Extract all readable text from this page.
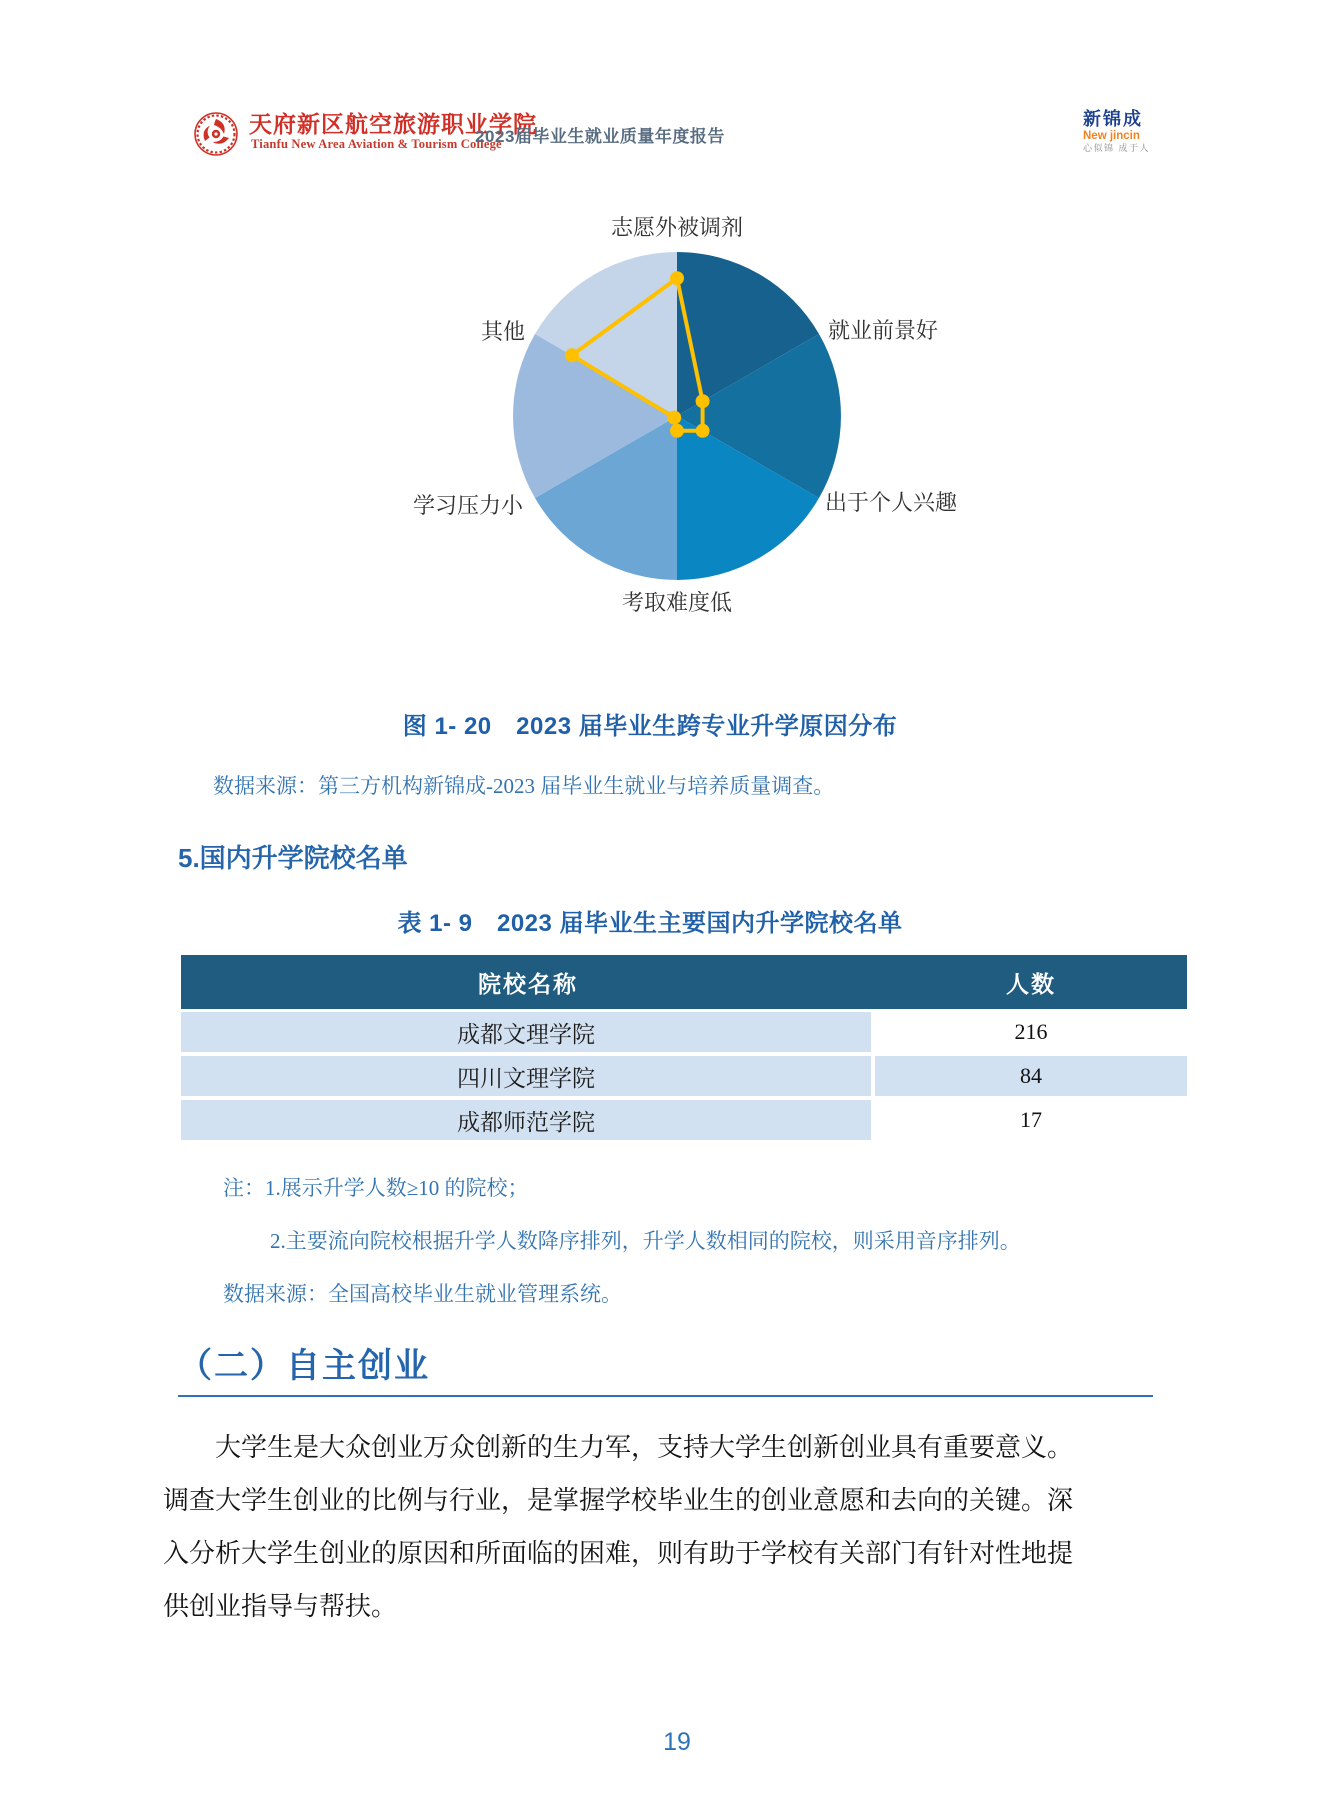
天府新区航空旅游职业学院
Tianfu New Area Aviation & Tourism College
2023届毕业生就业质量年度报告
新锦成
New jincin
心似锦 成于人
志愿外被调剂
就业前景好
出于个人兴趣
考取难度低
学习压力小
其他
图 1- 20　2023 届毕业生跨专业升学原因分布
数据来源：第三方机构新锦成-2023 届毕业生就业与培养质量调查。
5.国内升学院校名单
表 1- 9　2023 届毕业生主要国内升学院校名单
院校名称	人数
成都文理学院	216
四川文理学院	84
成都师范学院	17
注：1.展示升学人数≥10 的院校；
2.主要流向院校根据升学人数降序排列，升学人数相同的院校，则采用音序排列。
数据来源：全国高校毕业生就业管理系统。
（二）自主创业
大学生是大众创业万众创新的生力军，支持大学生创新创业具有重要意义。
调查大学生创业的比例与行业，是掌握学校毕业生的创业意愿和去向的关键。深
入分析大学生创业的原因和所面临的困难，则有助于学校有关部门有针对性地提
供创业指导与帮扶。
19
